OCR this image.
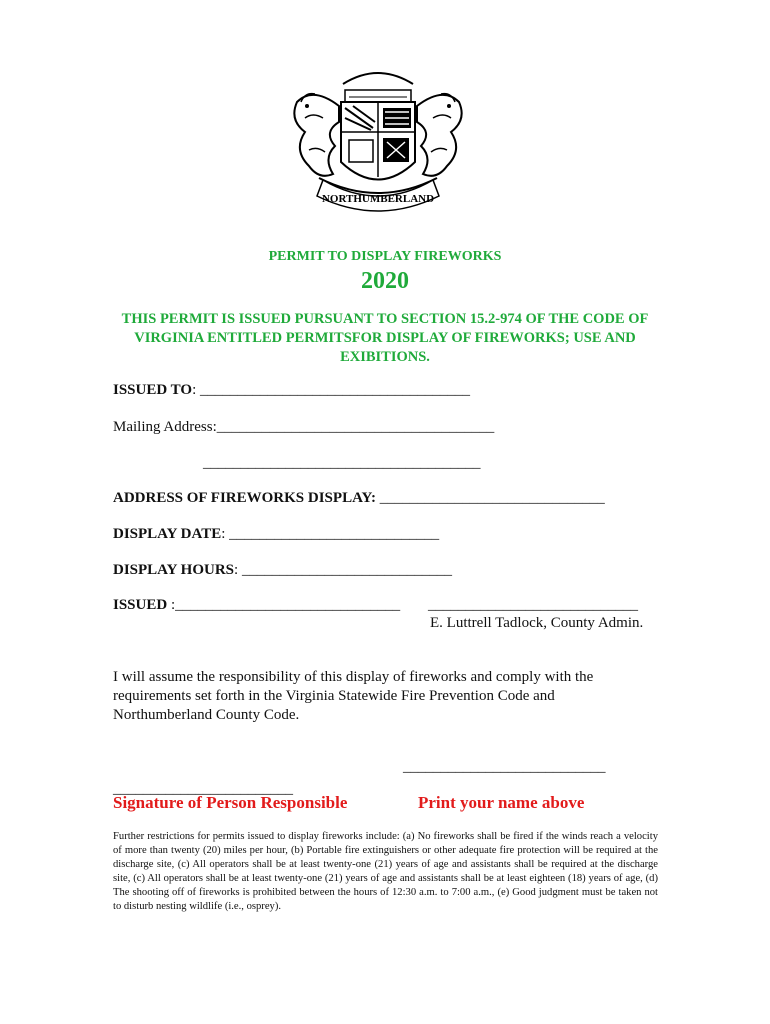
NORTHUMBERLAND
PERMIT TO DISPLAY FIREWORKS
2020
THIS PERMIT IS ISSUED PURSUANT TO SECTION 15.2-974 OF THE CODE OF VIRGINIA ENTITLED PERMITSFOR DISPLAY OF FIREWORKS; USE AND EXIBITIONS.
ISSUED TO: ____________________________________
Mailing Address:_____________________________________
_____________________________________
ADDRESS OF FIREWORKS DISPLAY: ______________________________
DISPLAY DATE: ____________________________
DISPLAY HOURS: ____________________________
ISSUED :______________________________ ____________________________
E. Luttrell Tadlock, County Admin.
I will assume the responsibility of this display of fireworks and comply with the requirements set forth in the Virginia Statewide Fire Prevention Code and Northumberland County Code.
___________________________
________________________
Signature of Person Responsible	Print your name above
Further restrictions for permits issued to display fireworks include: (a) No fireworks shall be fired if the winds reach a velocity of more than twenty (20) miles per hour, (b) Portable fire extinguishers or other adequate fire protection will be required at the discharge site, (c) All operators shall be at least twenty-one (21) years of age and assistants shall be required at the discharge site, (c) All operators shall be at least twenty-one (21) years of age and assistants shall be at least eighteen (18) years of age, (d) The shooting off of fireworks is prohibited between the hours of 12:30 a.m. to 7:00 a.m., (e) Good judgment must be taken not to disturb nesting wildlife (i.e., osprey).
